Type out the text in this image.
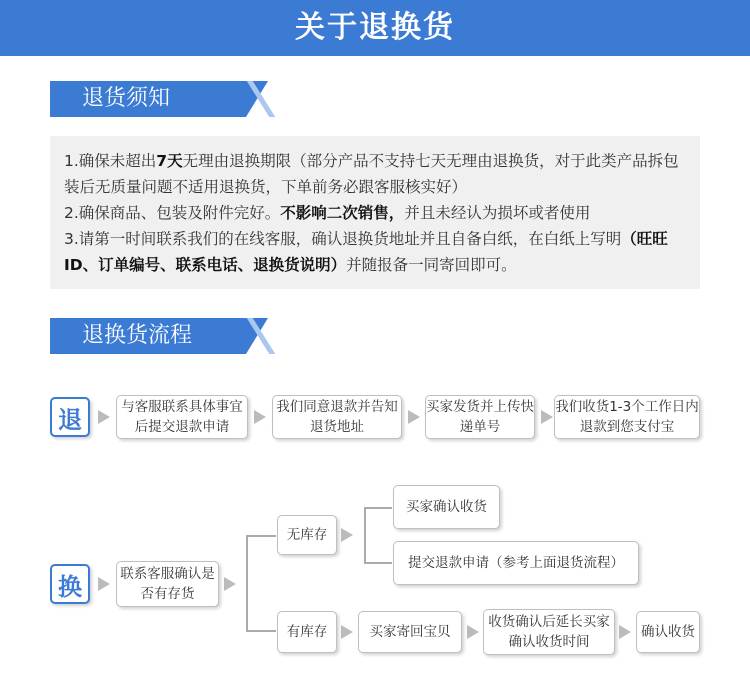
关于退换货
退货须知

1.确保未超出7天无理由退换期限（部分产品不支持七天无理由退换货，对于此类产品拆包装后无质量问题不适用退换货，下单前务必跟客服核实好）

2.确保商品、包装及附件完好。不影响二次销售，并且未经认为损坏或者使用

3.请第一时间联系我们的在线客服，确认退换货地址并且自备白纸，在白纸上写明（旺旺ID、订单编号、联系电话、退换货说明）并随报备一同寄回即可。

退换货流程
退	与客服联系具体事宜后提交退款申请
我们同意退款并告知退货地址
买家发货并上传快递单号
我们收货1-3个工作日内退款到您支付宝
换	联系客服确认是否有存货
无库存
买家确认收货
提交退款申请（参考上面退货流程）
有库存	买家寄回宝贝
收货确认后延长买家确认收货时间
确认收货
